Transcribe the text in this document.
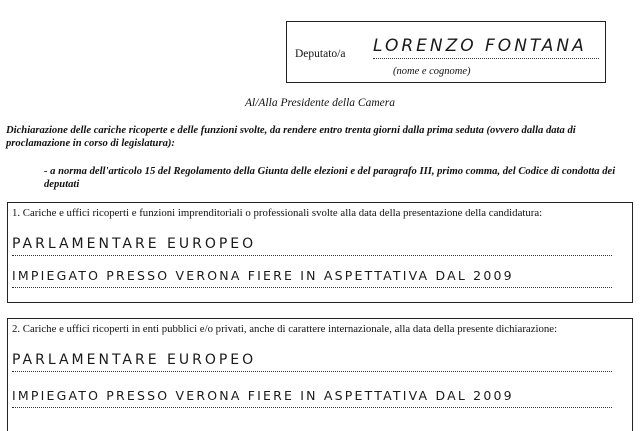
Deputato/a LORENZO FONTANA
(nome e cognome)
Al/Alla Presidente della Camera
Dichiarazione delle cariche ricoperte e delle funzioni svolte, da rendere entro trenta giorni dalla prima seduta (ovvero dalla data di proclamazione in corso di legislatura):
- a norma dell'articolo 15 del Regolamento della Giunta delle elezioni e del paragrafo III, primo comma, del Codice di condotta dei deputati
1. Cariche e uffici ricoperti e funzioni imprenditoriali o professionali svolte alla data della presentazione della candidatura:
PARLAMENTARE EUROPEO
IMPIEGATO PRESSO VERONA FIERE IN ASPETTATIVA DAL 2009
2. Cariche e uffici ricoperti in enti pubblici e/o privati, anche di carattere internazionale, alla data della presente dichiarazione:
PARLAMENTARE EUROPEO
IMPIEGATO PRESSO VERONA FIERE IN ASPETTATIVA DAL 2009
